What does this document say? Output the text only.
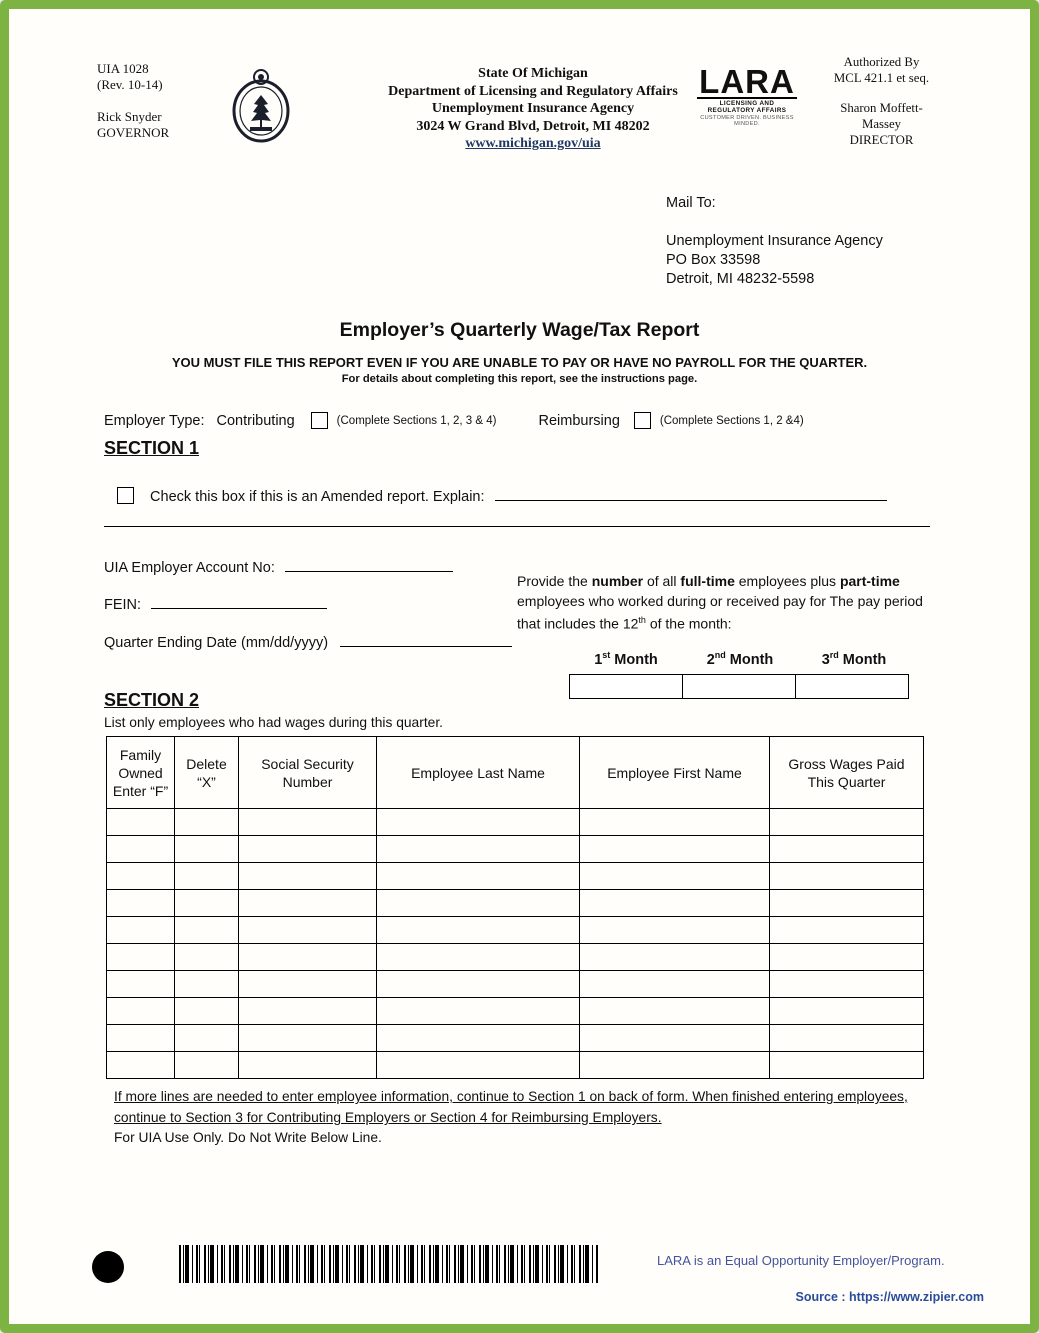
UIA 1028
(Rev. 10-14)
Rick Snyder
GOVERNOR
State Of Michigan
Department of Licensing and Regulatory Affairs
Unemployment Insurance Agency
3024 W Grand Blvd, Detroit, MI 48202
www.michigan.gov/uia
LARA
LICENSING AND REGULATORY AFFAIRS
CUSTOMER DRIVEN. BUSINESS MINDED.
Authorized By
MCL 421.1 et seq.
Sharon Moffett-
Massey
DIRECTOR
Mail To:
Unemployment Insurance Agency
PO Box 33598
Detroit, MI 48232-5598
Employer’s Quarterly Wage/Tax Report
YOU MUST FILE THIS REPORT EVEN IF YOU ARE UNABLE TO PAY OR HAVE NO PAYROLL FOR THE QUARTER.
For details about completing this report, see the instructions page.
Employer Type: Contributing	(Complete Sections 1, 2, 3 & 4)	Reimbursing	(Complete Sections 1, 2 &4)
SECTION 1
Check this box if this is an Amended report. Explain:
UIA Employer Account No:
FEIN:
Quarter Ending Date (mm/dd/yyyy)
Provide the number of all full-time employees plus part-time employees who worked during or received pay for The pay period that includes the 12th of the month:
1st Month	2nd Month	3rd Month
SECTION 2
List only employees who had wages during this quarter.
Family Owned Enter “F”	Delete “X”	Social Security Number	Employee Last Name	Employee First Name	Gross Wages Paid This Quarter

If more lines are needed to enter employee information, continue to Section 1 on back of form. When finished entering employees, continue to Section 3 for Contributing Employers or Section 4 for Reimbursing Employers.
For UIA Use Only. Do Not Write Below Line.
LARA is an Equal Opportunity Employer/Program.
Source : https://www.zipier.com
